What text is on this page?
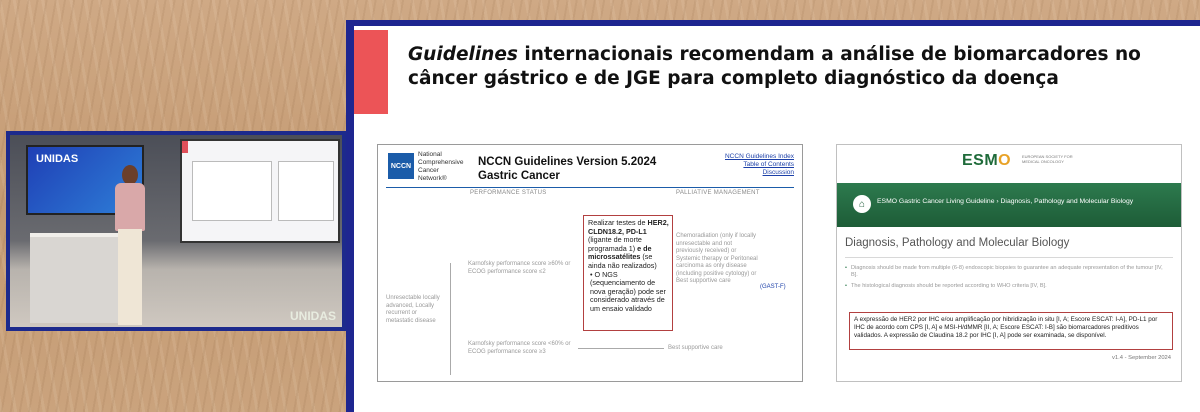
UNIDAS
UNIDAS
Guidelines internacionais recomendam a análise de biomarcadores no câncer gástrico e de JGE para completo diagnóstico da doença
NCCN
National Comprehensive Cancer Network®
NCCN Guidelines Version 5.2024
Gastric Cancer
NCCN Guidelines Index
Table of Contents
Discussion
PERFORMANCE STATUS	PALLIATIVE MANAGEMENT
Unresectable locally advanced, Locally recurrent or metastatic disease
Karnofsky performance score ≥60% or ECOG performance score ≤2
Karnofsky performance score <60% or ECOG performance score ≥3
Realizar testes de HER2, CLDN18.2, PD-L1 (ligante de morte programada 1) e de microssatélites (se ainda não realizados)
• O NGS (sequenciamento de nova geração) pode ser considerado através de um ensaio validado
Chemoradiation (only if locally unresectable and not previously received) or Systemic therapy or Peritoneal carcinoma as only disease (including positive cytology) or Best supportive care
(GAST-F)
Best supportive care
ESMO	EUROPEAN SOCIETY FOR MEDICAL ONCOLOGY
⌂	ESMO Gastric Cancer Living Guideline › Diagnosis, Pathology and Molecular Biology
Diagnosis, Pathology and Molecular Biology
• Diagnosis should be made from multiple (6-8) endoscopic biopsies to guarantee an adequate representation of the tumour [IV, B].
• The histological diagnosis should be reported according to WHO criteria [IV, B].
A expressão de HER2 por IHC e/ou amplificação por hibridização in situ [I, A; Escore ESCAT: I-A], PD-L1 por IHC de acordo com CPS [I, A] e MSI-H/dMMR [II, A; Escore ESCAT: I-B] são biomarcadores preditivos validados. A expressão de Claudina 18.2 por IHC [I, A] pode ser examinada, se disponível.
v1.4 - September 2024
